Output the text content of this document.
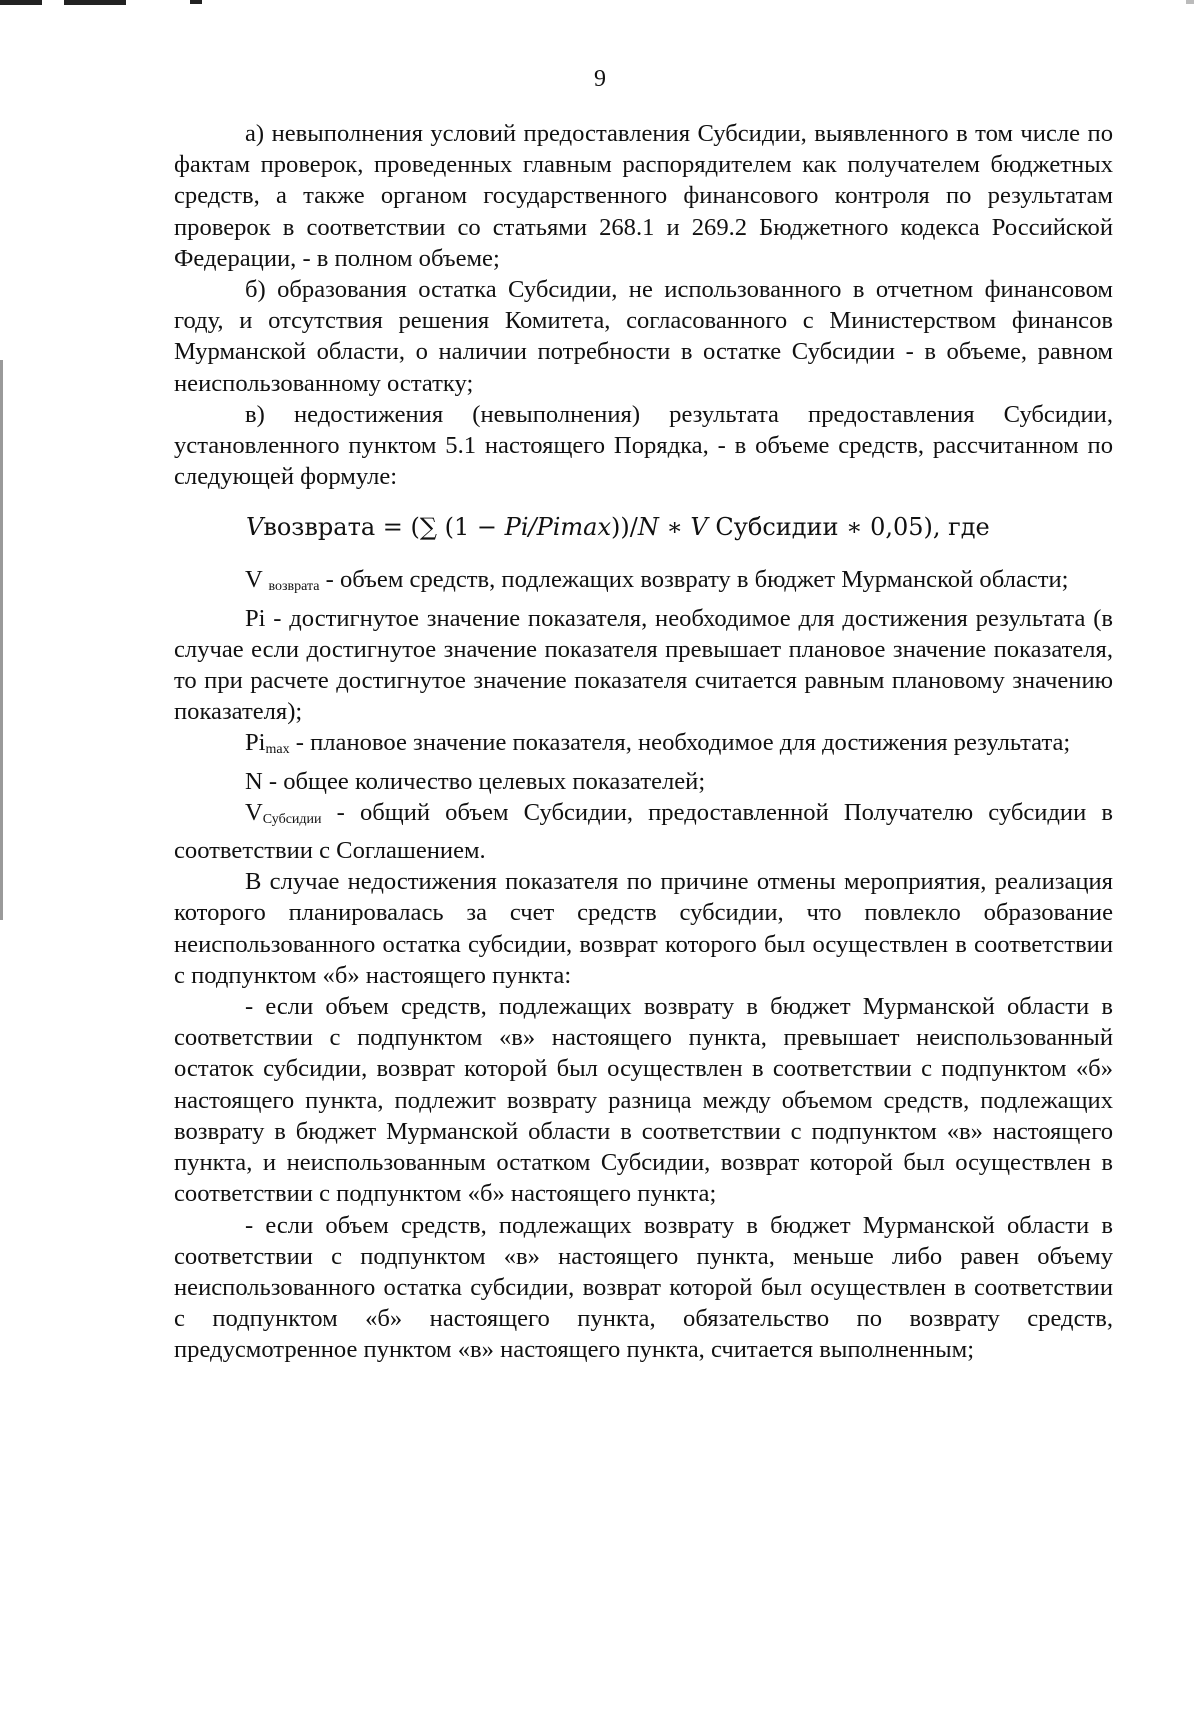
9

а) невыполнения условий предоставления Субсидии, выявленного в том числе по фактам проверок, проведенных главным распорядителем как получателем бюджетных средств, а также органом государственного финансового контроля по результатам проверок в соответствии со статьями 268.1 и 269.2 Бюджетного кодекса Российской Федерации, - в полном объеме;

б) образования остатка Субсидии, не использованного в отчетном финансовом году, и отсутствия решения Комитета, согласованного с Министерством финансов Мурманской области, о наличии потребности в остатке Субсидии - в объеме, равном неиспользованному остатку;

в) недостижения (невыполнения) результата предоставления Субсидии, установленного пунктом 5.1 настоящего Порядка, - в объеме средств, рассчитанном по следующей формуле:

Vвозврата = (∑ (1 − Pi/Pimax))/N ∗ V Субсидии ∗ 0,05), где

V $_{возврата}$ - объем средств, подлежащих возврату в бюджет Мурманской области;

Pi - достигнутое значение показателя, необходимое для достижения результата (в случае если достигнутое значение показателя превышает плановое значение показателя, то при расчете достигнутое значение показателя считается равным плановому значению показателя);

$Pi_{max}$ - плановое значение показателя, необходимое для достижения результата;

N - общее количество целевых показателей;

$V_{Субсидии}$ - общий объем Субсидии, предоставленной Получателю субсидии в соответствии с Соглашением.

В случае недостижения показателя по причине отмены мероприятия, реализация которого планировалась за счет средств субсидии, что повлекло образование неиспользованного остатка субсидии, возврат которого был осуществлен в соответствии с подпунктом «б» настоящего пункта:

- если объем средств, подлежащих возврату в бюджет Мурманской области в соответствии с подпунктом «в» настоящего пункта, превышает неиспользованный остаток субсидии, возврат которой был осуществлен в соответствии с подпунктом «б» настоящего пункта, подлежит возврату разница между объемом средств, подлежащих возврату в бюджет Мурманской области в соответствии с подпунктом «в» настоящего пункта, и неиспользованным остатком Субсидии, возврат которой был осуществлен в соответствии с подпунктом «б» настоящего пункта;

- если объем средств, подлежащих возврату в бюджет Мурманской области в соответствии с подпунктом «в» настоящего пункта, меньше либо равен объему неиспользованного остатка субсидии, возврат которой был осуществлен в соответствии с подпунктом «б» настоящего пункта, обязательство по возврату средств, предусмотренное пунктом «в» настоящего пункта, считается выполненным;
